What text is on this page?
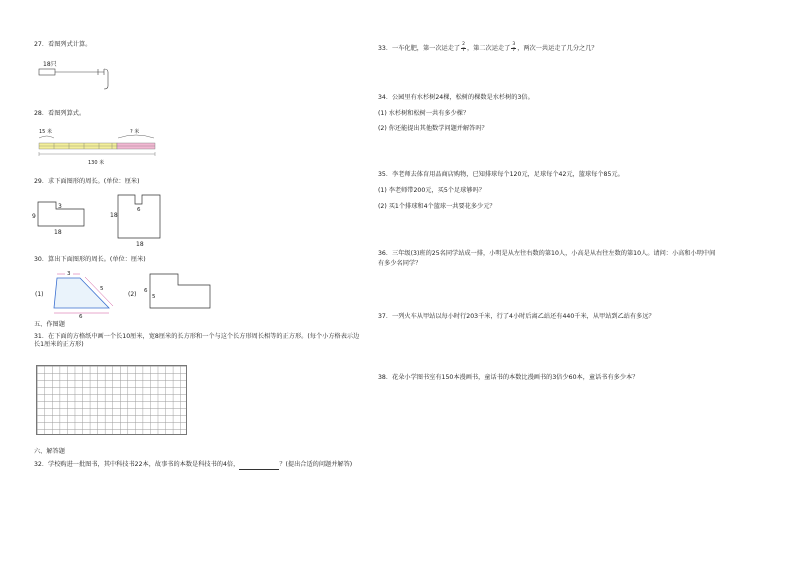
27．看图列式计算。
18只
28．看图列算式。
15 米	? 米
130 米
29．求下面图形的周长。(单位：厘米)
9
3
18
18
6
18
30．算出下面图形的周长。(单位：厘米)
(1)
3
5
6
(2) 6
5
五、作图题
31．在下面的方格纸中画一个长10厘米，宽8厘米的长方形和一个与这个长方形周长相等的正方形。(每个小方格表示边长1厘米的正方形)
六、解答题
32．学校购进一批图书，其中科技书22本，故事书的本数是科技书的4倍，	？(提出合适的问题并解答)
33．一车化肥，第一次运走了 $\frac{2}{7}$ ，第二次运走了 $\frac{3}{7}$ ，两次一共运走了几分之几？
34．公园里有水杉树24棵，松树的棵数是水杉树的3倍。
(1) 水杉树和松树一共有多少棵？
(2) 你还能提出其他数学问题并解答吗？
35．李老师去体育用品商店购物，已知排球每个120元，足球每个42元，篮球每个85元。
(1) 李老师带200元，买5个足球够吗？
(2) 买1个排球和4个篮球一共要花多少元？
36．三年级(3)班的25名同学站成一排，小明是从左往右数的第10人，小高是从右往左数的第10人。请问：小高和小明中间有多少名同学？
37．一列火车从甲站以每小时行203千米，行了4小时后离乙站还有440千米，从甲站到乙站有多远？
38．花朵小学图书室有150本漫画书，童话书的本数比漫画书的3倍少60本，童话书有多少本？
